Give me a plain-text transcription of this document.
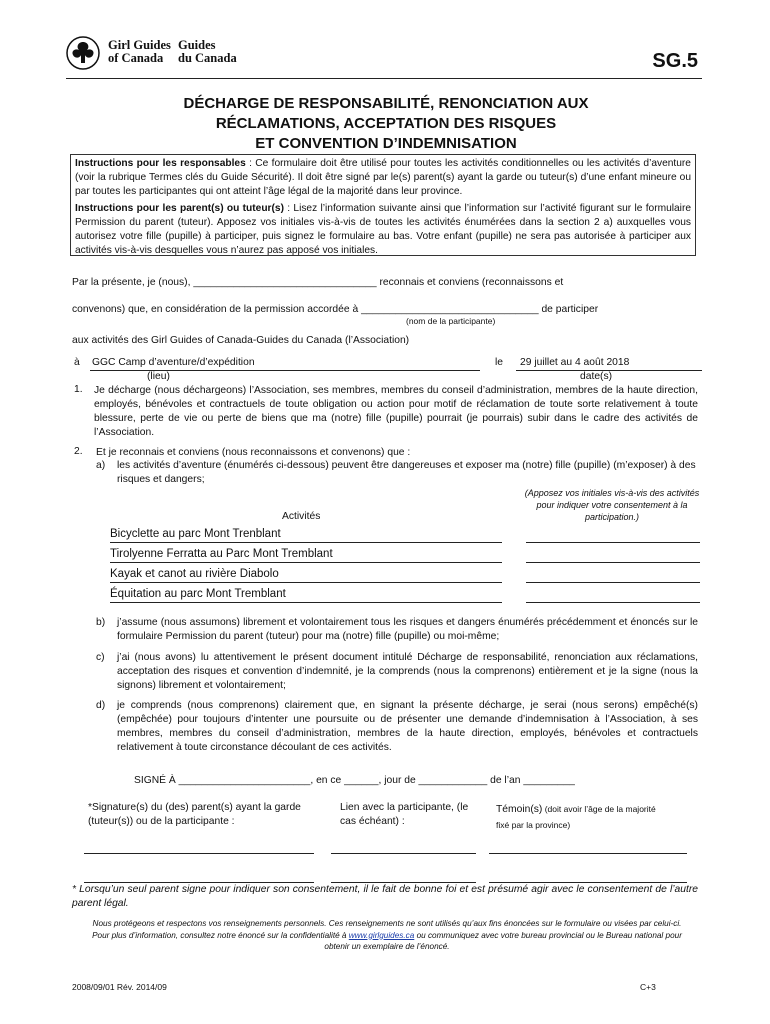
Girl Guides
of Canada
Guides
du Canada	SG.5
DÉCHARGE DE RESPONSABILITÉ, RENONCIATION AUX
RÉCLAMATIONS, ACCEPTATION DES RISQUES
ET CONVENTION D’INDEMNISATION

Instructions pour les responsables : Ce formulaire doit être utilisé pour toutes les activités conditionnelles ou les activités d’aventure (voir la rubrique Termes clés du Guide Sécurité). Il doit être signé par le(s) parent(s) ayant la garde ou tuteur(s) d’une enfant mineure ou par toutes les participantes qui ont atteint l’âge légal de la majorité dans leur province.

Instructions pour les parent(s) ou tuteur(s) : Lisez l’information suivante ainsi que l’information sur l’activité figurant sur le formulaire Permission du parent (tuteur). Apposez vos initiales vis-à-vis de toutes les activités énumérées dans la section 2 a) auxquelles vous autorisez votre fille (pupille) à participer, puis signez le formulaire au bas. Votre enfant (pupille) ne sera pas autorisée à participer aux activités vis-à-vis desquelles vous n’aurez pas apposé vos initiales.

Par la présente, je (nous), ________________________________ reconnais et conviens (reconnaissons et
convenons) que, en considération de la permission accordée à _______________________________ de participer
(nom de la participante)
aux activités des Girl Guides of Canada-Guides du Canada (l’Association)
à GGC Camp d’aventure/d’expédition	le	29 juillet au 4 août 2018
(lieu)	date(s)
1. Je décharge (nous déchargeons) l’Association, ses membres, membres du conseil d’administration, membres de la haute direction, employés, bénévoles et contractuels de toute obligation ou action pour motif de réclamation de toute sorte relativement à toute blessure, perte de vie ou perte de biens que ma (notre) fille (pupille) pourrait (je pourrais) subir dans le cadre des activités de l’Association.
2. Et je reconnais et conviens (nous reconnaissons et convenons) que :
a) les activités d’aventure (énumérés ci-dessous) peuvent être dangereuses et exposer ma (notre) fille (pupille) (m’exposer) à des risques et dangers;
Activités
(Apposez vos initiales vis-à-vis des activités pour indiquer votre consentement à la participation.)
Bicyclette au parc Mont Trenblant
Tirolyenne Ferratta au Parc Mont Tremblant
Kayak et canot au rivière Diabolo
Équitation au parc Mont Tremblant
b) j’assume (nous assumons) librement et volontairement tous les risques et dangers énumérés précédemment et énoncés sur le formulaire Permission du parent (tuteur) pour ma (notre) fille (pupille) ou moi-même;
c) j’ai (nous avons) lu attentivement le présent document intitulé Décharge de responsabilité, renonciation aux réclamations, acceptation des risques et convention d’indemnité, je la comprends (nous la comprenons) entièrement et je la signe (nous la signons) librement et volontairement;
d) je comprends (nous comprenons) clairement que, en signant la présente décharge, je serai (nous serons) empêché(s) (empêchée) pour toujours d’intenter une poursuite ou de présenter une demande d’indemnisation à l’Association, à ses membres, membres du conseil d’administration, membres de la haute direction, employés, bénévoles et contractuels relativement à toute circonstance découlant de ces activités.
SIGNÉ À _______________________, en ce ______, jour de ____________ de l’an _________
*Signature(s) du (des) parent(s) ayant la garde (tuteur(s)) ou de la participante :
Lien avec la participante, (le cas échéant) :
Témoin(s) (doit avoir l’âge de la majorité fixé par la province)
* Lorsqu’un seul parent signe pour indiquer son consentement, il le fait de bonne foi et est présumé agir avec le consentement de l’autre parent légal.
Nous protégeons et respectons vos renseignements personnels. Ces renseignements ne sont utilisés qu’aux fins énoncées sur le formulaire ou visées par celui-ci. Pour plus d’information, consultez notre énoncé sur la confidentialité à www.girlguides.ca ou communiquez avec votre bureau provincial ou le Bureau national pour obtenir un exemplaire de l’énoncé.
2008/09/01 Rév. 2014/09	C+3
